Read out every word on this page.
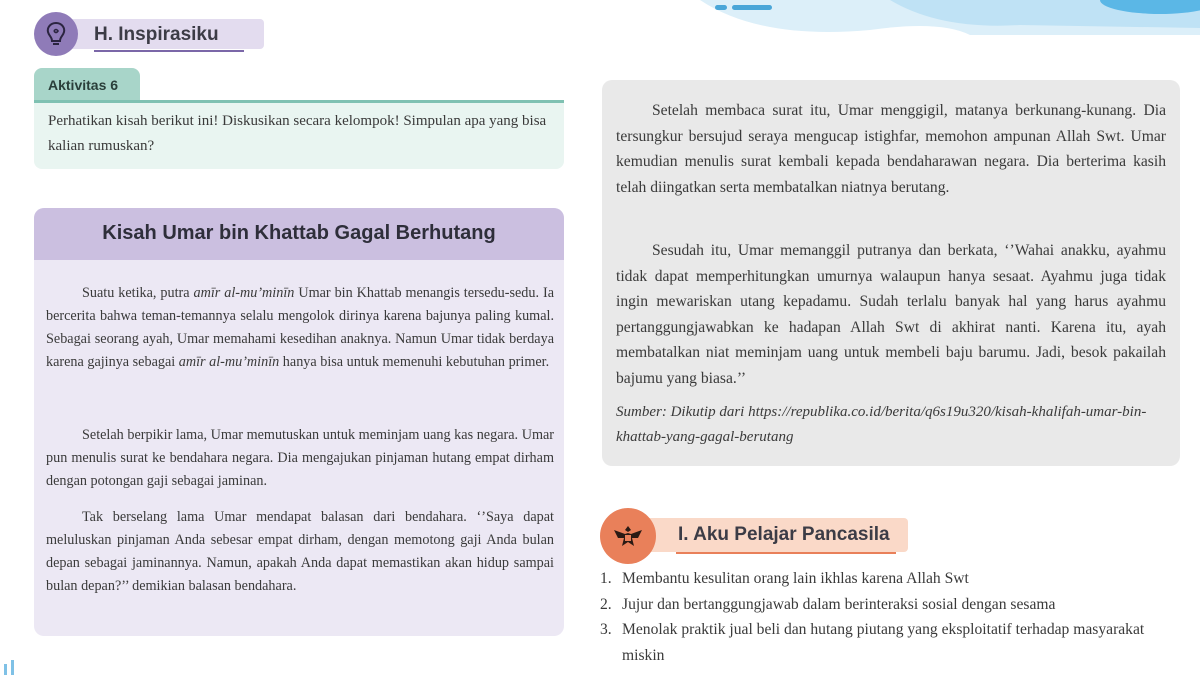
H. Inspirasiku
Aktivitas 6

Perhatikan kisah berikut ini! Diskusikan secara kelompok! Simpulan apa yang bisa kalian rumuskan?

Kisah Umar bin Khattab Gagal Berhutang

Suatu ketika, putra amīr al-mu’minīn Umar bin Khattab menangis tersedu-sedu. Ia bercerita bahwa teman-temannya selalu mengolok dirinya karena bajunya paling kumal. Sebagai seorang ayah, Umar memahami kesedihan anaknya. Namun Umar tidak berdaya karena gajinya sebagai amīr al-mu’minīn hanya bisa untuk memenuhi kebutuhan primer.

Setelah berpikir lama, Umar memutuskan untuk meminjam uang kas negara. Umar pun menulis surat ke bendahara negara. Dia mengajukan pinjaman hutang empat dirham dengan potongan gaji sebagai jaminan.

Tak berselang lama Umar mendapat balasan dari bendahara. ‘’Saya dapat meluluskan pinjaman Anda sebesar empat dirham, dengan memotong gaji Anda bulan depan sebagai jaminannya. Namun, apakah Anda dapat memastikan akan hidup sampai bulan depan?’’ demikian balasan bendahara.

Setelah membaca surat itu, Umar menggigil, matanya berkunang-kunang. Dia tersungkur bersujud seraya mengucap istighfar, memohon ampunan Allah Swt. Umar kemudian menulis surat kembali kepada bendaharawan negara. Dia berterima kasih telah diingatkan serta membatalkan niatnya berutang.

Sesudah itu, Umar memanggil putranya dan berkata, ‘’Wahai anakku, ayahmu tidak dapat memperhitungkan umurnya walaupun hanya sesaat. Ayahmu juga tidak ingin mewariskan utang kepadamu. Sudah terlalu banyak hal yang harus ayahmu pertanggungjawabkan ke hadapan Allah Swt di akhirat nanti. Karena itu, ayah membatalkan niat meminjam uang untuk membeli baju barumu. Jadi, besok pakailah bajumu yang biasa.’’

Sumber: Dikutip dari https://republika.co.id/berita/q6s19u320/kisah-khalifah-umar-bin-khattab-yang-gagal-berutang

I. Aku Pelajar Pancasila
1. Membantu kesulitan orang lain ikhlas karena Allah Swt
2. Jujur dan bertanggungjawab dalam berinteraksi sosial dengan sesama
3. Menolak praktik jual beli dan hutang piutang yang eksploitatif terhadap masyarakat miskin
